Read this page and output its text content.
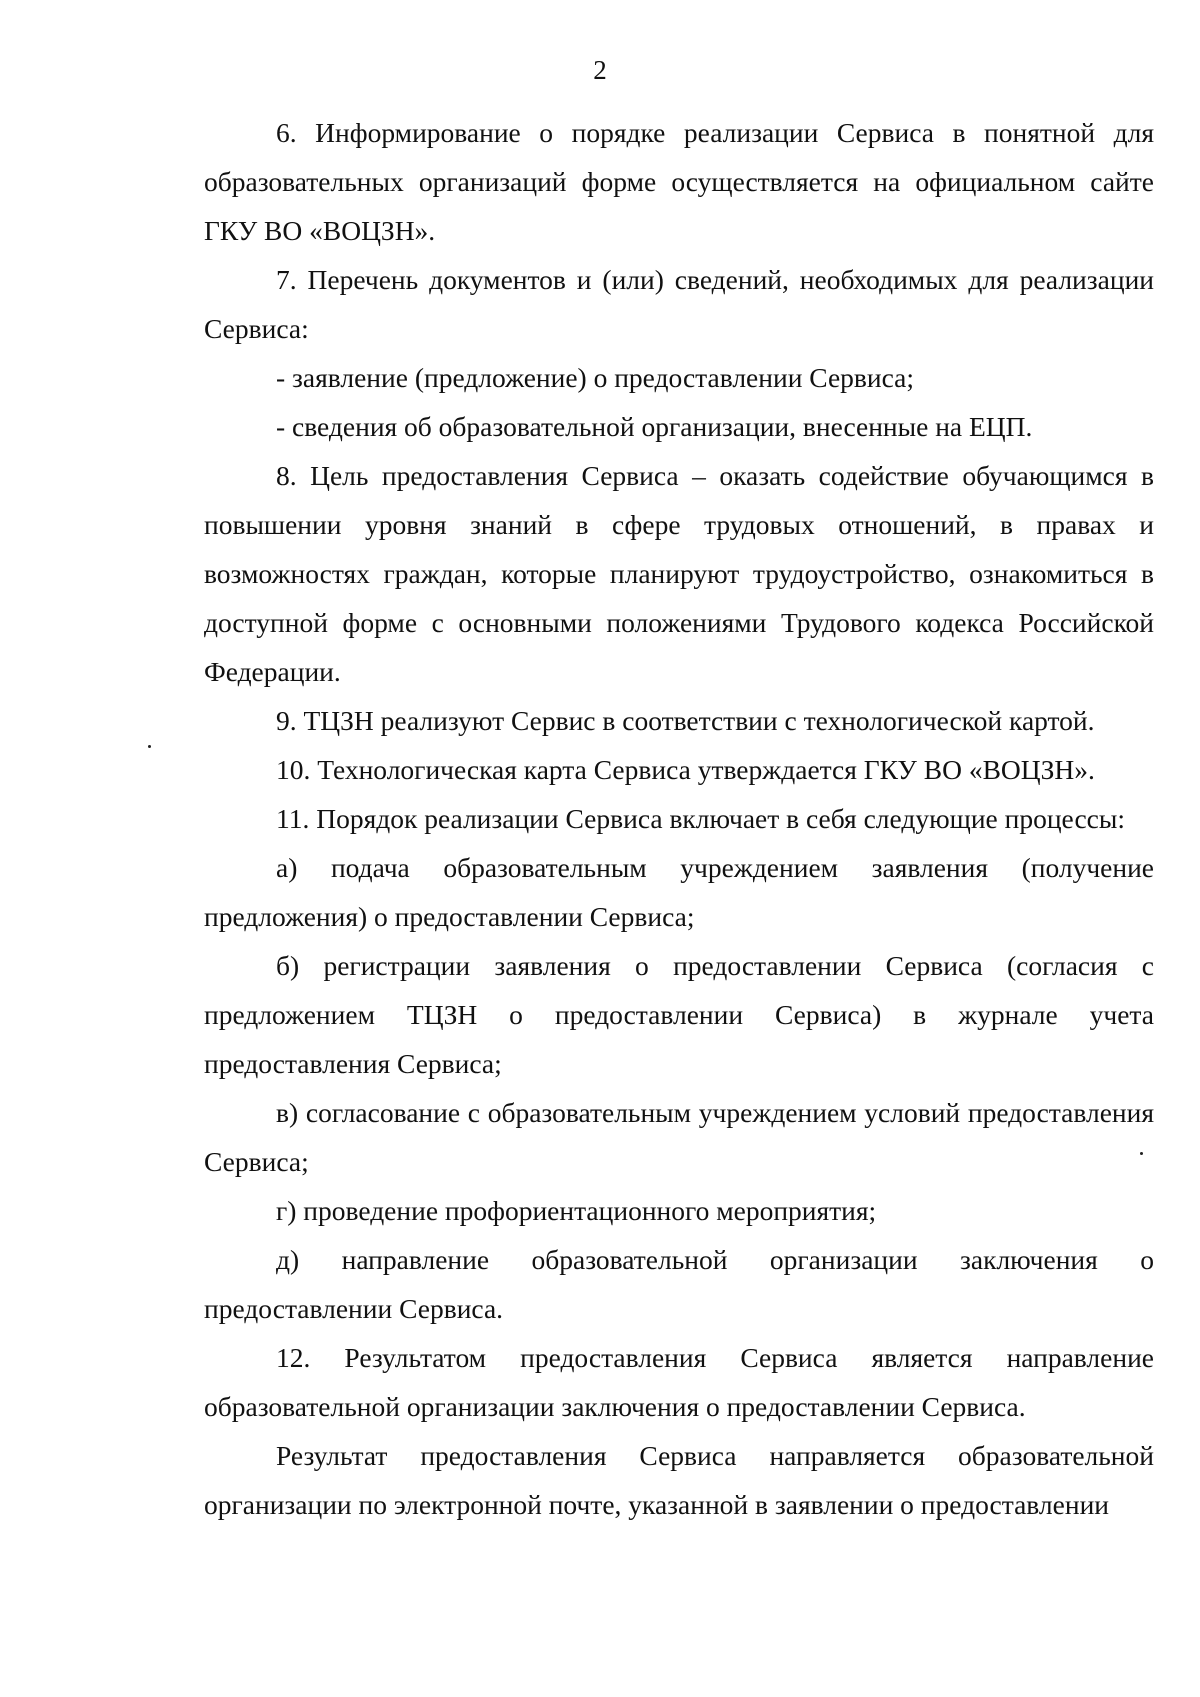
2

6. Информирование о порядке реализации Сервиса в понятной для образовательных организаций форме осуществляется на официальном сайте ГКУ ВО «ВОЦЗН».

7. Перечень документов и (или) сведений, необходимых для реализации Сервиса:

- заявление (предложение) о предоставлении Сервиса;

- сведения об образовательной организации, внесенные на ЕЦП.

8. Цель предоставления Сервиса – оказать содействие обучающимся в повышении уровня знаний в сфере трудовых отношений, в правах и возможностях граждан, которые планируют трудоустройство, ознакомиться в доступной форме с основными положениями Трудового кодекса Российской Федерации.

9. ТЦЗН реализуют Сервис в соответствии с технологической картой.

10. Технологическая карта Сервиса утверждается ГКУ ВО «ВОЦЗН».

11. Порядок реализации Сервиса включает в себя следующие процессы:

а) подача образовательным учреждением заявления (получение предложения) о предоставлении Сервиса;

б) регистрации заявления о предоставлении Сервиса (согласия с предложением ТЦЗН о предоставлении Сервиса) в журнале учета предоставления Сервиса;

в) согласование с образовательным учреждением условий предоставления Сервиса;

г) проведение профориентационного мероприятия;

д) направление образовательной организации заключения о предоставлении Сервиса.

12. Результатом предоставления Сервиса является направление образовательной организации заключения о предоставлении Сервиса.

Результат предоставления Сервиса направляется образовательной организации по электронной почте, указанной в заявлении о предоставлении
